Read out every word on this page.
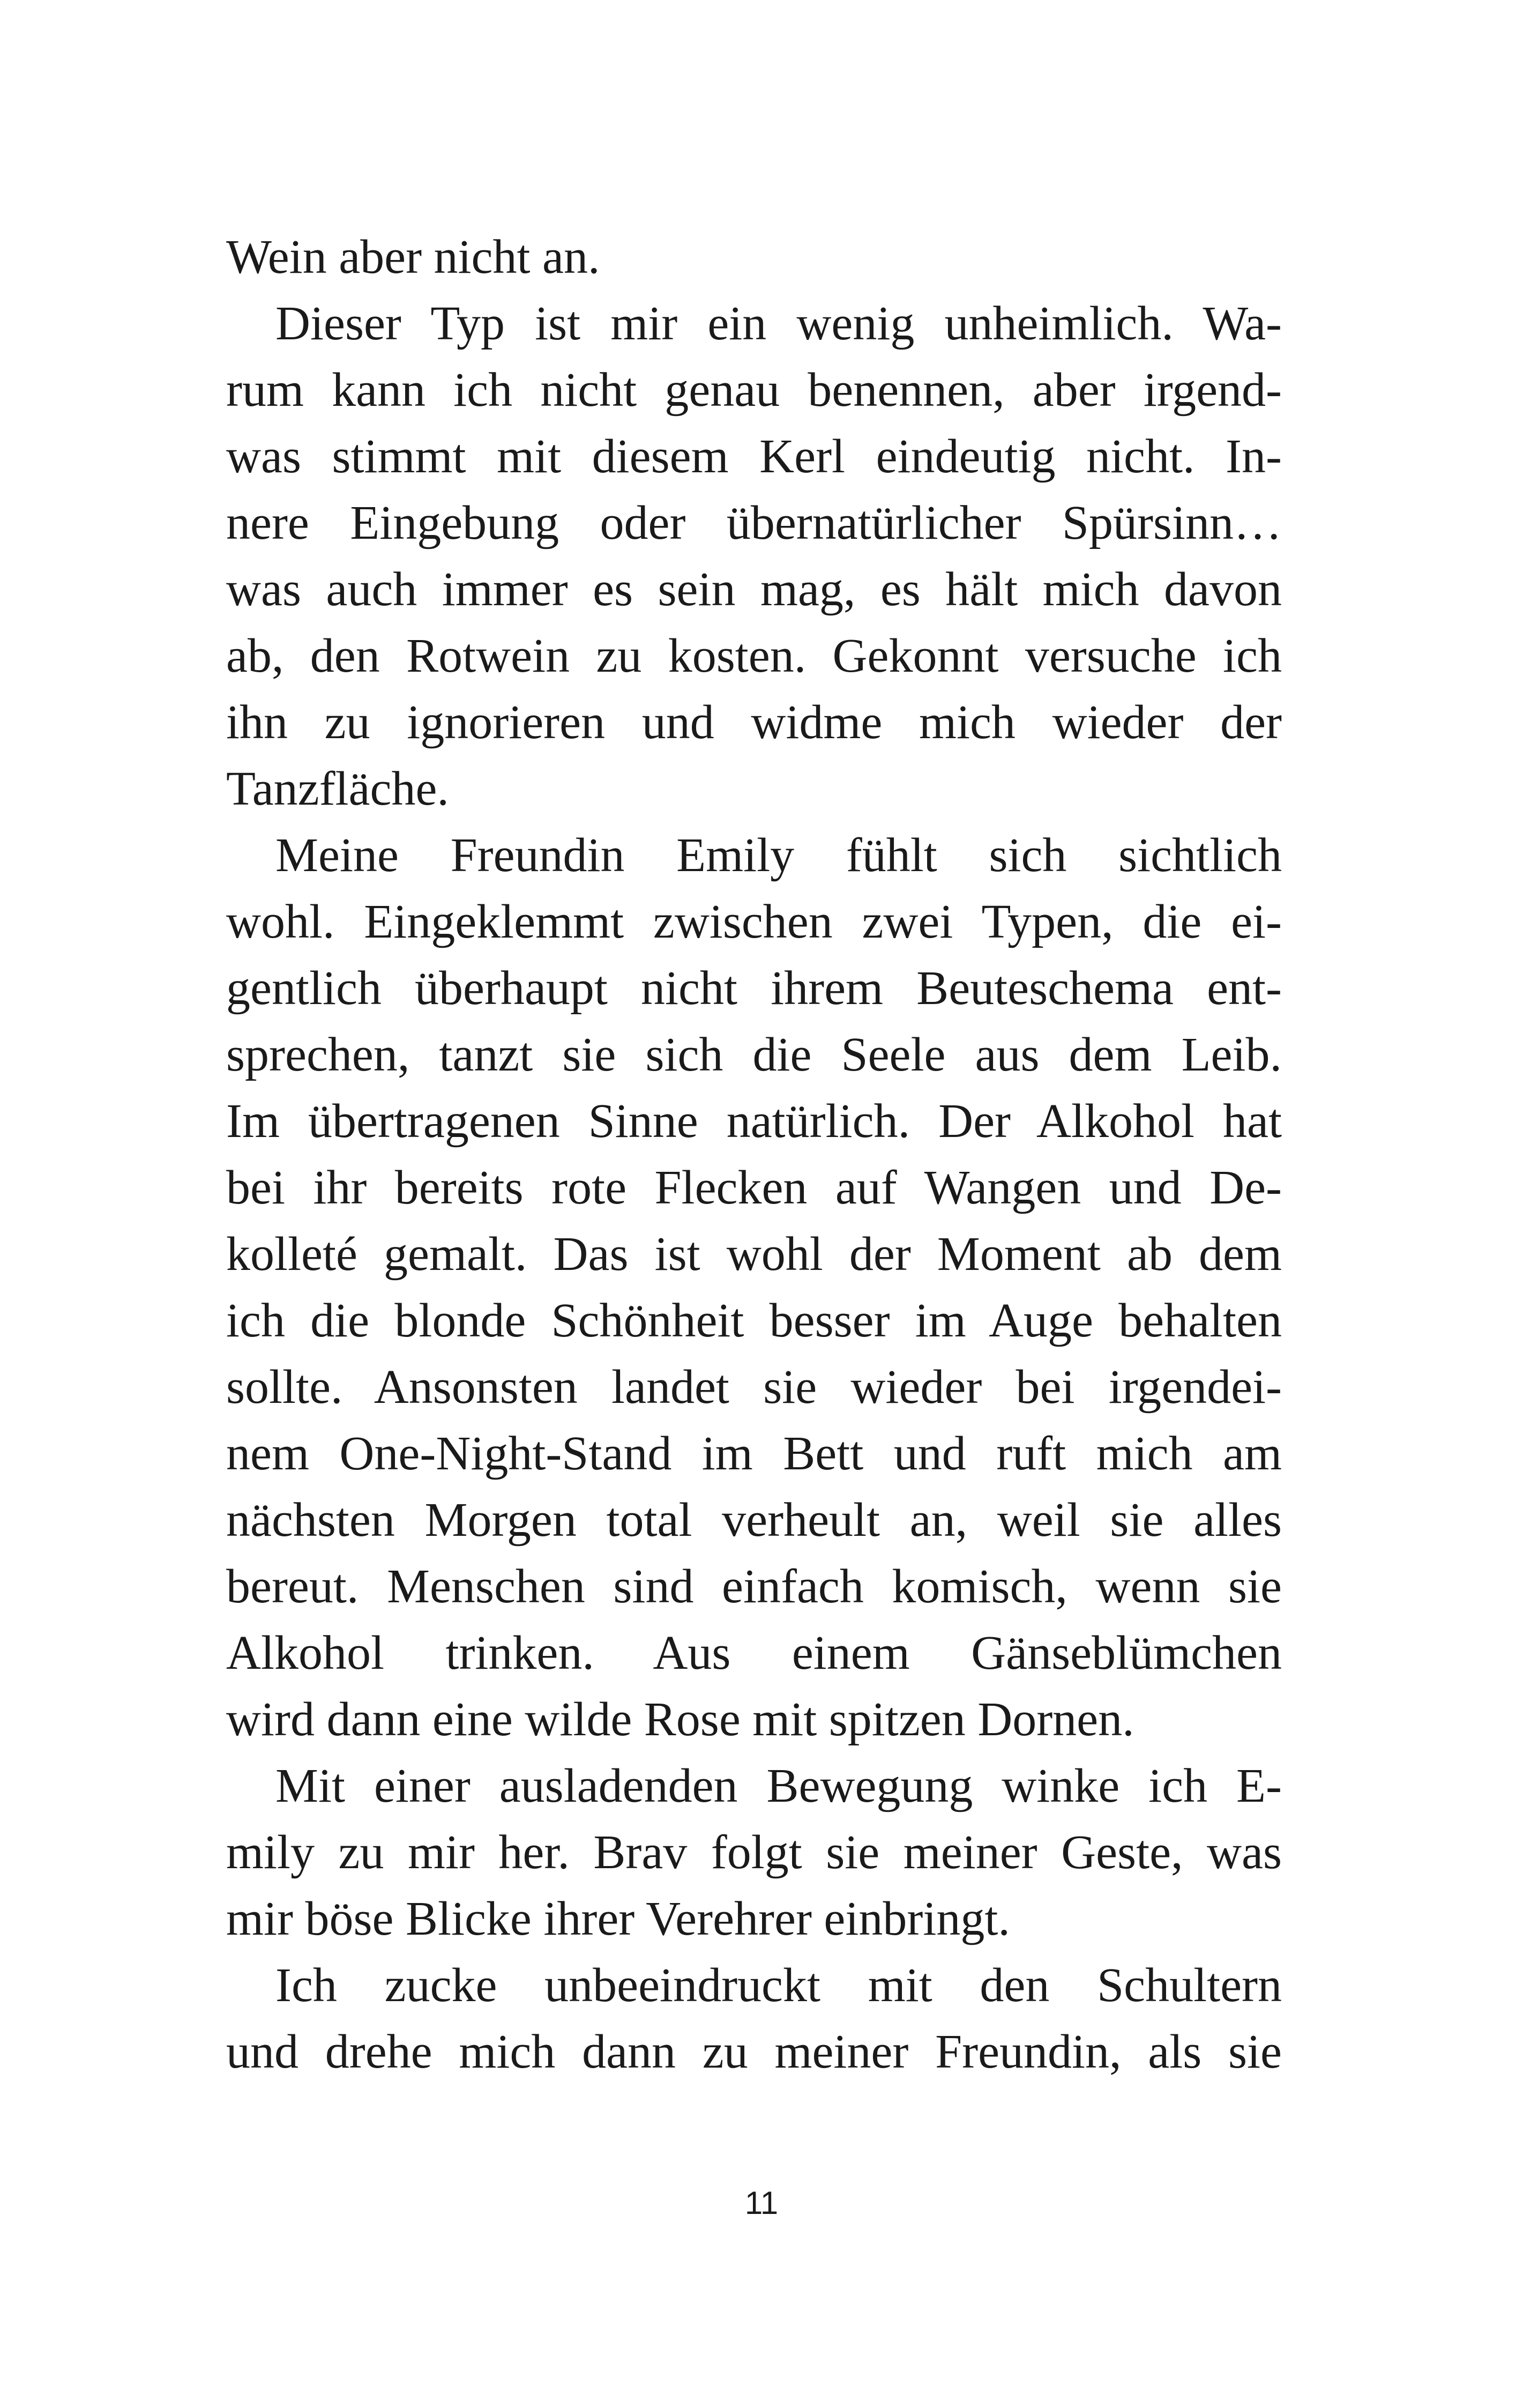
Wein aber nicht an.
Dieser Typ ist mir ein wenig unheimlich. Wa-
rum kann ich nicht genau benennen, aber irgend-
was stimmt mit diesem Kerl eindeutig nicht. In-
nere Eingebung oder übernatürlicher Spürsinn…
was auch immer es sein mag, es hält mich davon
ab, den Rotwein zu kosten. Gekonnt versuche ich
ihn zu ignorieren und widme mich wieder der
Tanzfläche.
Meine Freundin Emily fühlt sich sichtlich
wohl. Eingeklemmt zwischen zwei Typen, die ei-
gentlich überhaupt nicht ihrem Beuteschema ent-
sprechen, tanzt sie sich die Seele aus dem Leib.
Im übertragenen Sinne natürlich. Der Alkohol hat
bei ihr bereits rote Flecken auf Wangen und De-
kolleté gemalt. Das ist wohl der Moment ab dem
ich die blonde Schönheit besser im Auge behalten
sollte. Ansonsten landet sie wieder bei irgendei-
nem One-Night-Stand im Bett und ruft mich am
nächsten Morgen total verheult an, weil sie alles
bereut. Menschen sind einfach komisch, wenn sie
Alkohol trinken. Aus einem Gänseblümchen
wird dann eine wilde Rose mit spitzen Dornen.
Mit einer ausladenden Bewegung winke ich E-
mily zu mir her. Brav folgt sie meiner Geste, was
mir böse Blicke ihrer Verehrer einbringt.
Ich zucke unbeeindruckt mit den Schultern
und drehe mich dann zu meiner Freundin, als sie
11
